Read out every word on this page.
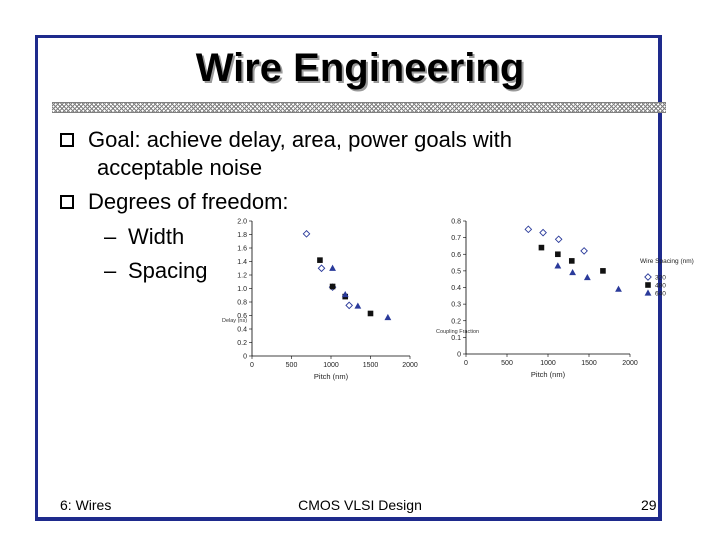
Wire Engineering
Goal: achieve delay, area, power goals with
acceptable noise
Degrees of freedom:
– Width
– Spacing
0
0.2
0.4
0.6
0.8
1.0
1.2
1.4
1.6
1.8
2.0
0	500	1000	1500	2000
Pitch (nm)
Delay (ns)
0
0.1
0.2
0.3
0.4
0.5
0.6
0.7
0.8
0	500	1000	1500	2000
Pitch (nm)
Coupling Fraction
Wire Spacing (nm)
320
480
640
6: Wires	CMOS VLSI Design	29
